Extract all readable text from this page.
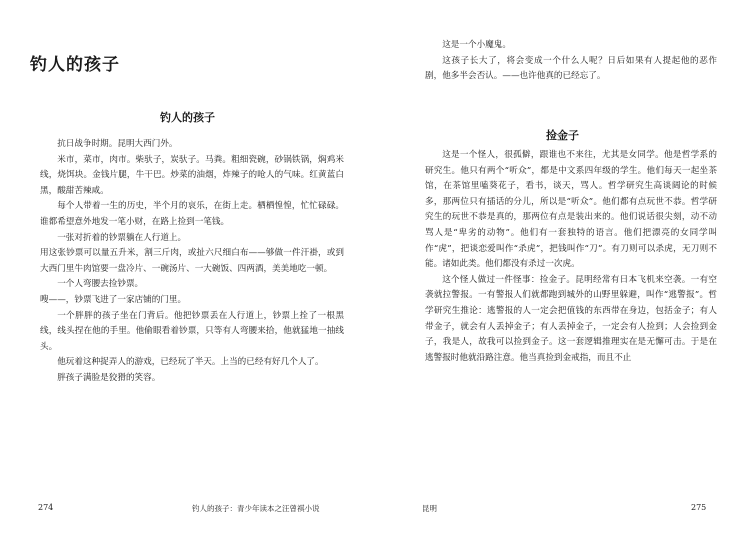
钓人的孩子
钓人的孩子

抗日战争时期。昆明大西门外。

米市，菜市，肉市。柴驮子，炭驮子。马粪。粗细瓷碗，砂锅铁锅，焖鸡米线，烧饵块。金钱片腿，牛干巴。炒菜的油烟，炸辣子的呛人的气味。红黄蓝白黑，酸甜苦辣咸。

每个人带着一生的历史，半个月的哀乐，在街上走。栖栖惶惶，忙忙碌碌。谁都希望意外地发一笔小财，在路上捡到一笔钱。

一张对折着的钞票躺在人行道上。

用这张钞票可以量五升米，割三斤肉，或扯六尺细白布——够做一件汗褂，或到大西门里牛肉馆要一盘冷片、一碗汤片、一大碗饭、四两酒，美美地吃一顿。

一个人弯腰去捡钞票。

嗖——，钞票飞进了一家店铺的门里。

一个胖胖的孩子坐在门背后。他把钞票丢在人行道上，钞票上拴了一根黑线，线头捏在他的手里。他偷眼看着钞票，只等有人弯腰来拾，他就猛地一抽线头。

他玩着这种捉弄人的游戏，已经玩了半天。上当的已经有好几个人了。

胖孩子满脸是狡猾的笑容。

274	钓人的孩子：青少年读本之汪曾祺小说

这是一个小魔鬼。

这孩子长大了，将会变成一个什么人呢？日后如果有人提起他的恶作剧，他多半会否认。——也许他真的已经忘了。

捡金子

这是一个怪人，很孤僻，跟谁也不来往，尤其是女同学。他是哲学系的研究生。他只有两个“听众”，都是中文系四年级的学生。他们每天一起坐茶馆，在茶馆里嗑葵花子，看书，谈天，骂人。哲学研究生高谈阔论的时候多，那两位只有插话的分儿，所以是“听众”。他们都有点玩世不恭。哲学研究生的玩世不恭是真的，那两位有点是装出来的。他们说话很尖刻，动不动骂人是“卑劣的动物”。他们有一套独特的语言。他们把漂亮的女同学叫作“虎”，把谈恋爱叫作“杀虎”，把钱叫作“刀”。有刀则可以杀虎，无刀则不能。诸如此类。他们都没有杀过一次虎。

这个怪人做过一件怪事：捡金子。昆明经常有日本飞机来空袭。一有空袭就拉警报。一有警报人们就都跑到城外的山野里躲避，叫作“逃警报”。哲学研究生推论：逃警报的人一定会把值钱的东西带在身边，包括金子；有人带金子，就会有人丢掉金子；有人丢掉金子，一定会有人捡到；人会捡到金子，我是人，故我可以捡到金子。这一套逻辑推理实在是无懈可击。于是在逃警报时他就沿路注意。他当真捡到金戒指，而且不止

昆明	275
